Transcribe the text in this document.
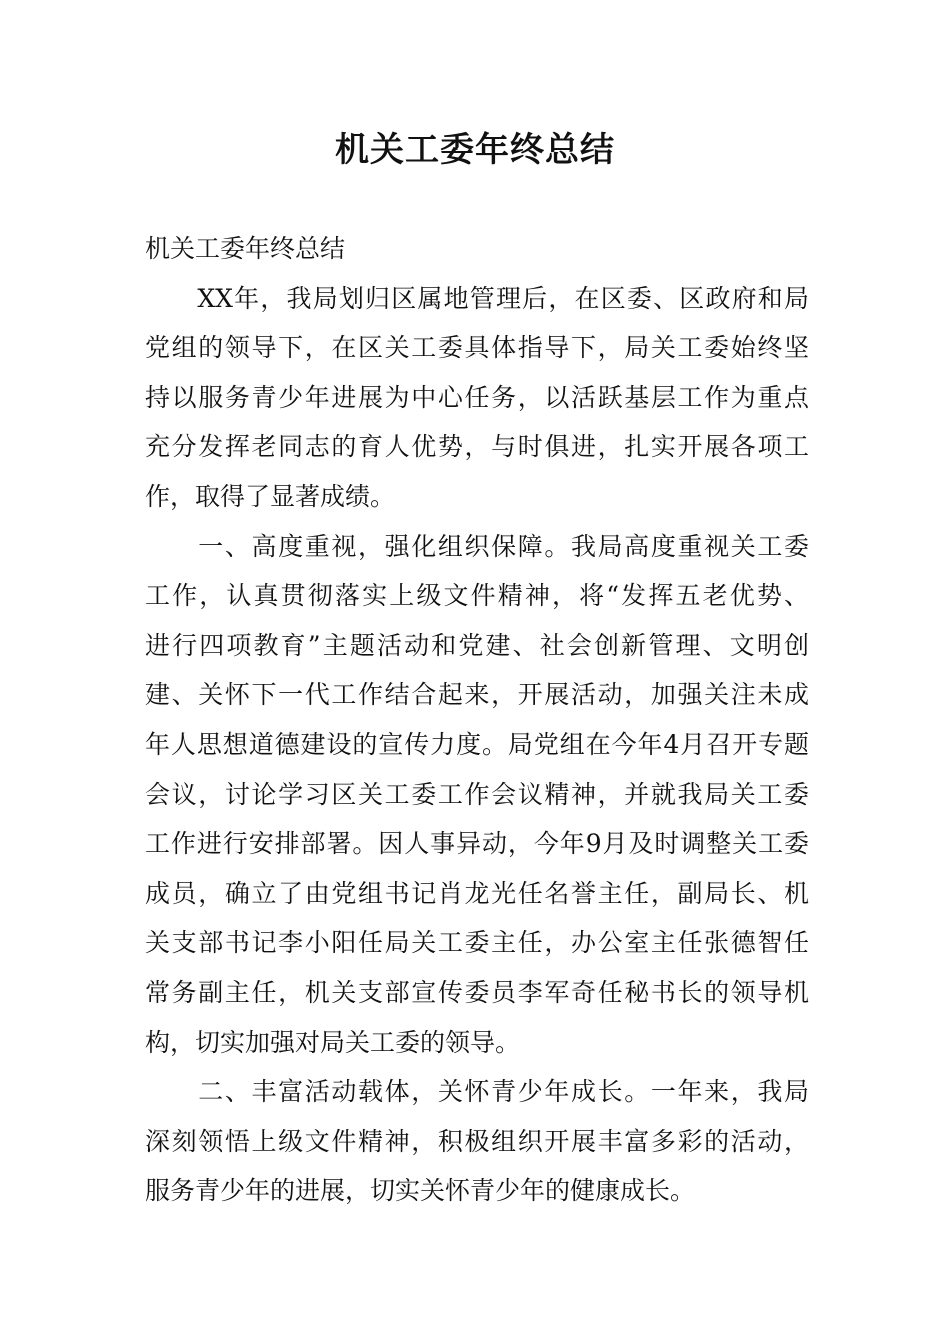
机关工委年终总结

机关工委年终总结

　　XX年，我局划归区属地管理后，在区委、区政府和局
党组的领导下，在区关工委具体指导下，局关工委始终坚
持以服务青少年进展为中心任务，以活跃基层工作为重点
充分发挥老同志的育人优势，与时俱进，扎实开展各项工
作，取得了显著成绩。

　　一、高度重视，强化组织保障。我局高度重视关工委
工作，认真贯彻落实上级文件精神，将“发挥五老优势、
进行四项教育”主题活动和党建、社会创新管理、文明创
建、关怀下一代工作结合起来，开展活动，加强关注未成
年人思想道德建设的宣传力度。局党组在今年4月召开专题
会议，讨论学习区关工委工作会议精神，并就我局关工委
工作进行安排部署。因人事异动，今年9月及时调整关工委
成员，确立了由党组书记肖龙光任名誉主任，副局长、机
关支部书记李小阳任局关工委主任，办公室主任张德智任
常务副主任，机关支部宣传委员李军奇任秘书长的领导机
构，切实加强对局关工委的领导。

　　二、丰富活动载体，关怀青少年成长。一年来，我局
深刻领悟上级文件精神，积极组织开展丰富多彩的活动，
服务青少年的进展，切实关怀青少年的健康成长。
